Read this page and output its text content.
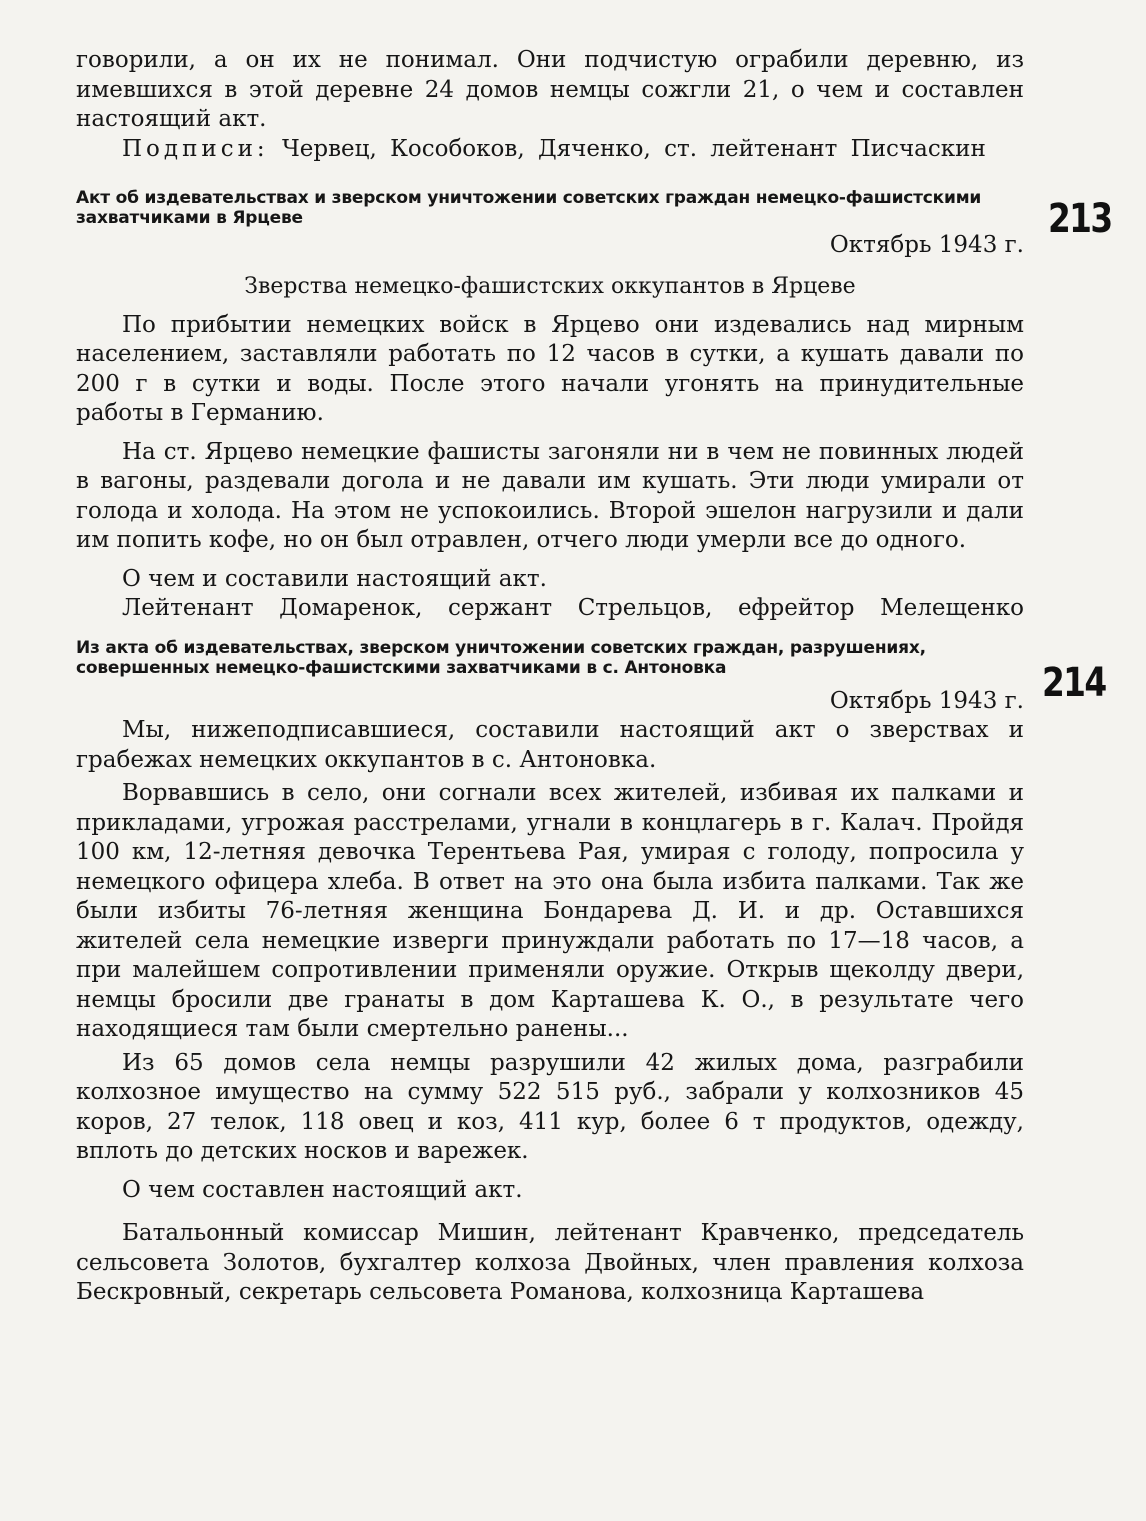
говорили, а он их не понимал. Они подчистую ограбили деревню, из имевшихся в этой деревне 24 домов немцы сожгли 21, о чем и составлен настоящий акт.

Подписи: Червец, Кособоков, Дяченко, ст. лейтенант Писчаскин

Акт об издевательствах и зверском уничтожении советских граждан немецко-фашистскими захватчиками в Ярцеве

Октябрь 1943 г.

Зверства немецко-фашистских оккупантов в Ярцеве

По прибытии немецких войск в Ярцево они издевались над мирным населением, заставляли работать по 12 часов в сутки, а кушать давали по 200 г в сутки и воды. После этого начали угонять на принудительные работы в Германию.

На ст. Ярцево немецкие фашисты загоняли ни в чем не повинных людей в вагоны, раздевали догола и не давали им кушать. Эти люди умирали от голода и холода. На этом не успокоились. Второй эшелон нагрузили и дали им попить кофе, но он был отравлен, отчего люди умерли все до одного.

О чем и составили настоящий акт.

Лейтенант Домаренок, сержант Стрельцов, ефрейтор Мелещенко

Из акта об издевательствах, зверском уничтожении советских граждан, разрушениях, совершенных немецко-фашистскими захватчиками в с. Антоновка

Октябрь 1943 г.

Мы, нижеподписавшиеся, составили настоящий акт о зверствах и грабежах немецких оккупантов в с. Антоновка.

Ворвавшись в село, они согнали всех жителей, избивая их палками и прикладами, угрожая расстрелами, угнали в концлагерь в г. Калач. Пройдя 100 км, 12-летняя девочка Терентьева Рая, умирая с голоду, попросила у немецкого офицера хлеба. В ответ на это она была избита палками. Так же были избиты 76-летняя женщина Бондарева Д. И. и др. Оставшихся жителей села немецкие изверги принуждали работать по 17—18 часов, а при малейшем сопротивлении применяли оружие. Открыв щеколду двери, немцы бросили две гранаты в дом Карташева К. О., в результате чего находящиеся там были смертельно ранены...

Из 65 домов села немцы разрушили 42 жилых дома, разграбили колхозное имущество на сумму 522 515 руб., забрали у колхозников 45 коров, 27 телок, 118 овец и коз, 411 кур, более 6 т продуктов, одежду, вплоть до детских носков и варежек.

О чем составлен настоящий акт.

Батальонный комиссар Мишин, лейтенант Кравченко, председатель сельсовета Золотов, бухгалтер колхоза Двойных, член правления колхоза Бескровный, секретарь сельсовета Романова, колхозница Карташева

213
214
